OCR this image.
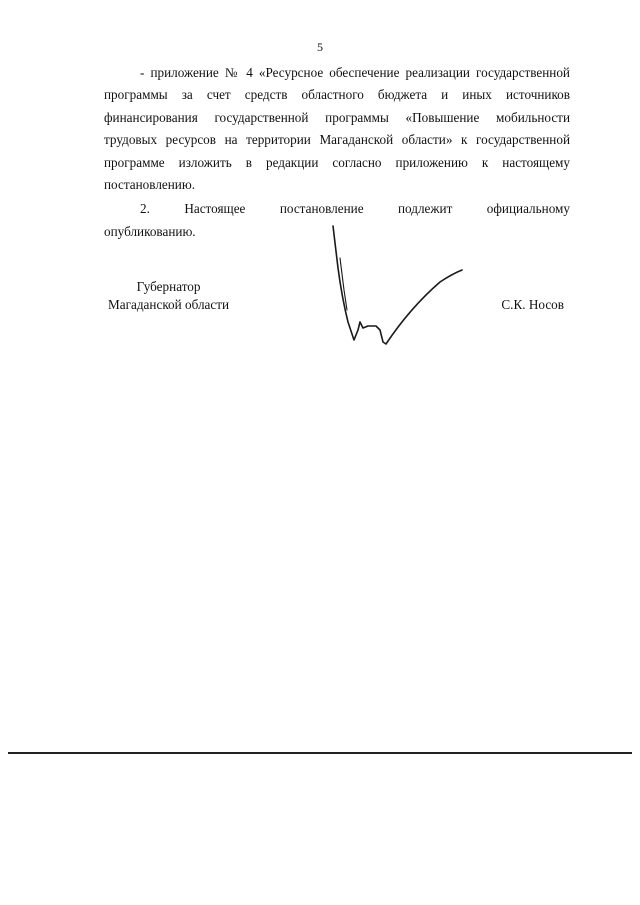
5

- приложение № 4 «Ресурсное обеспечение реализации государственной программы за счет средств областного бюджета и иных источников финансирования государственной программы «Повышение мобильности трудовых ресурсов на территории Магаданской области» к государственной программе изложить в редакции согласно приложению к настоящему постановлению.

2. Настоящее постановление подлежит официальному опубликованию.

Губернатор
Магаданской области	С.К. Носов
